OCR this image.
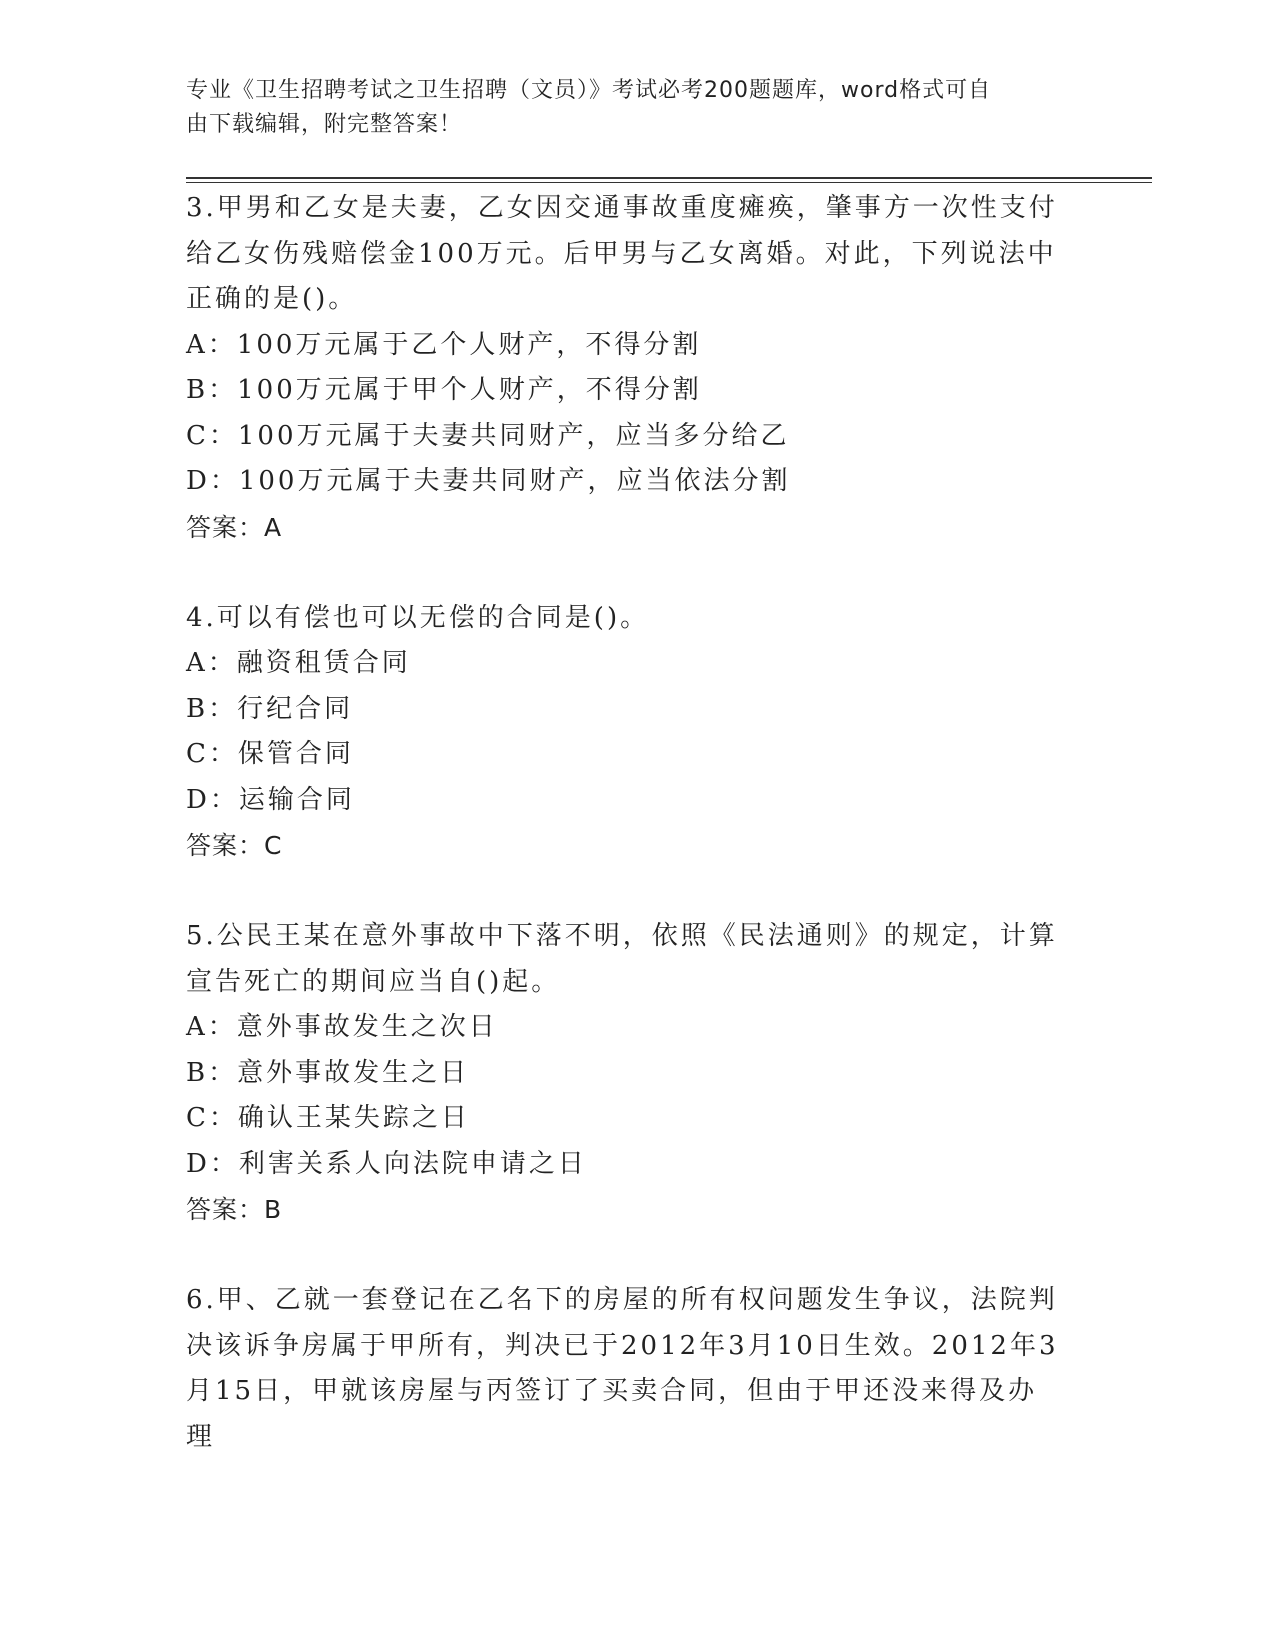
专业《卫生招聘考试之卫生招聘（文员）》考试必考200题题库，word格式可自
由下载编辑，附完整答案！
3.甲男和乙女是夫妻，乙女因交通事故重度瘫痪，肇事方一次性支付
给乙女伤残赔偿金100万元。后甲男与乙女离婚。对此，下列说法中
正确的是()。
A：100万元属于乙个人财产，不得分割
B：100万元属于甲个人财产，不得分割
C：100万元属于夫妻共同财产，应当多分给乙
D：100万元属于夫妻共同财产，应当依法分割
答案：A
4.可以有偿也可以无偿的合同是()。
A：融资租赁合同
B：行纪合同
C：保管合同
D：运输合同
答案：C
5.公民王某在意外事故中下落不明，依照《民法通则》的规定，计算
宣告死亡的期间应当自()起。
A：意外事故发生之次日
B：意外事故发生之日
C：确认王某失踪之日
D：利害关系人向法院申请之日
答案：B
6.甲、乙就一套登记在乙名下的房屋的所有权问题发生争议，法院判
决该诉争房属于甲所有，判决已于2012年3月10日生效。2012年3
月15日，甲就该房屋与丙签订了买卖合同，但由于甲还没来得及办理
